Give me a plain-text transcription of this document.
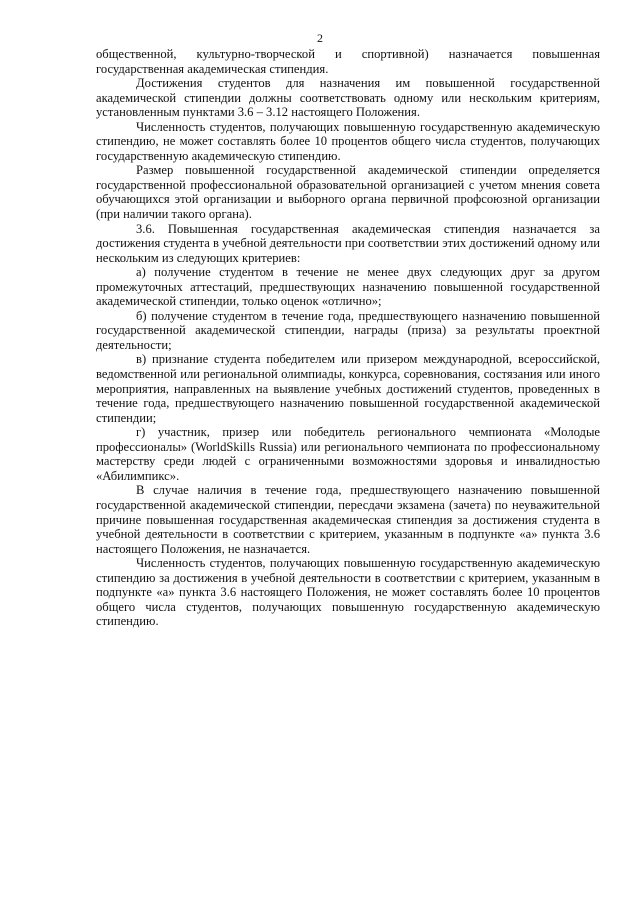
2

общественной, культурно-творческой и спортивной) назначается повышенная государственная академическая стипендия.

Достижения студентов для назначения им повышенной государственной академической стипендии должны соответствовать одному или нескольким критериям, установленным пунктами 3.6 – 3.12 настоящего Положения.

Численность студентов, получающих повышенную государственную академическую стипендию, не может составлять более 10 процентов общего числа студентов, получающих государственную академическую стипендию.

Размер повышенной государственной академической стипендии определяется государственной профессиональной образовательной организацией с учетом мнения совета обучающихся этой организации и выборного органа первичной профсоюзной организации (при наличии такого органа).

3.6. Повышенная государственная академическая стипендия назначается за достижения студента в учебной деятельности при соответствии этих достижений одному или нескольким из следующих критериев:

а) получение студентом в течение не менее двух следующих друг за другом промежуточных аттестаций, предшествующих назначению повышенной государственной академической стипендии, только оценок «отлично»;

б) получение студентом в течение года, предшествующего назначению повышенной государственной академической стипендии, награды (приза) за результаты проектной деятельности;

в) признание студента победителем или призером международной, всероссийской, ведомственной или региональной олимпиады, конкурса, соревнования, состязания или иного мероприятия, направленных на выявление учебных достижений студентов, проведенных в течение года, предшествующего назначению повышенной государственной академической стипендии;

г) участник, призер или победитель регионального чемпионата «Молодые профессионалы» (WorldSkills Russia) или регионального чемпионата по профессиональному мастерству среди людей с ограниченными возможностями здоровья и инвалидностью «Абилимпикс».

В случае наличия в течение года, предшествующего назначению повышенной государственной академической стипендии, пересдачи экзамена (зачета) по неуважительной причине повышенная государственная академическая стипендия за достижения студента в учебной деятельности в соответствии с критерием, указанным в подпункте «а» пункта 3.6 настоящего Положения, не назначается.

Численность студентов, получающих повышенную государственную академическую стипендию за достижения в учебной деятельности в соответствии с критерием, указанным в подпункте «а» пункта 3.6 настоящего Положения, не может составлять более 10 процентов общего числа студентов, получающих повышенную государственную академическую стипендию.
